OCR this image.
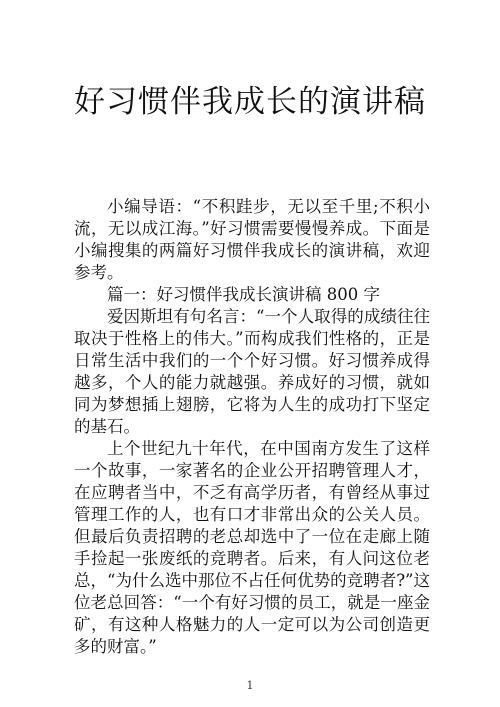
好习惯伴我成长的演讲稿

小编导语：“不积跬步，无以至千里;不积小流，无以成江海。”好习惯需要慢慢养成。下面是小编搜集的两篇好习惯伴我成长的演讲稿，欢迎参考。

篇一：好习惯伴我成长演讲稿 800 字

爱因斯坦有句名言：“一个人取得的成绩往往取决于性格上的伟大。”而构成我们性格的，正是日常生活中我们的一个个好习惯。好习惯养成得越多，个人的能力就越强。养成好的习惯，就如同为梦想插上翅膀，它将为人生的成功打下坚定的基石。

上个世纪九十年代，在中国南方发生了这样一个故事，一家著名的企业公开招聘管理人才，在应聘者当中，不乏有高学历者，有曾经从事过管理工作的人，也有口才非常出众的公关人员。但最后负责招聘的老总却选中了一位在走廊上随手捡起一张废纸的竞聘者。后来，有人问这位老总，“为什么选中那位不占任何优势的竞聘者?”这位老总回答：“一个有好习惯的员工，就是一座金矿，有这种人格魅力的人一定可以为公司创造更多的财富。”

1
